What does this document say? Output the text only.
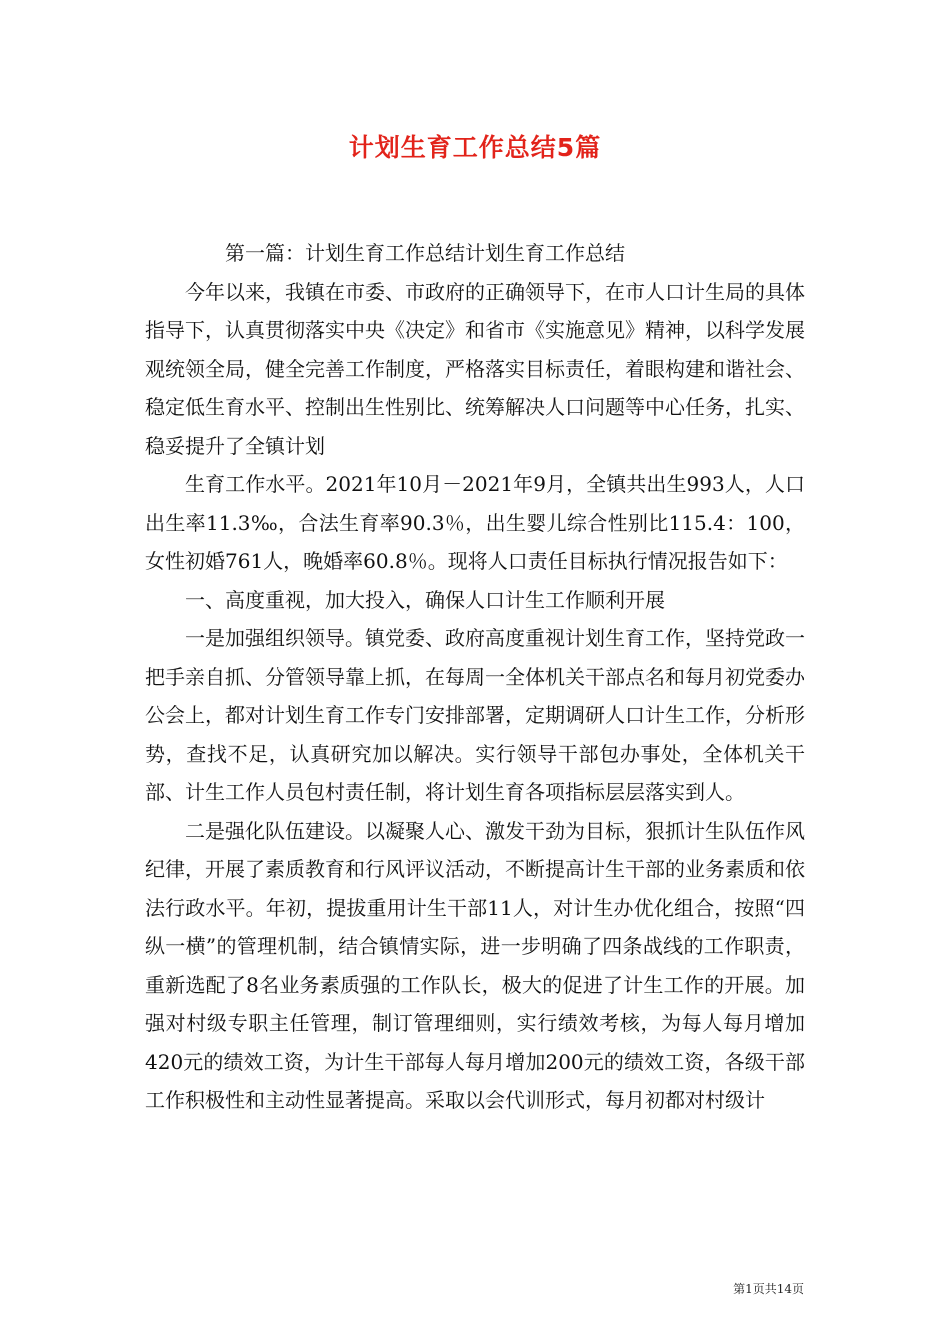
计划生育工作总结5篇

第一篇：计划生育工作总结计划生育工作总结

今年以来，我镇在市委、市政府的正确领导下，在市人口计生局的具体指导下，认真贯彻落实中央《决定》和省市《实施意见》精神，以科学发展观统领全局，健全完善工作制度，严格落实目标责任，着眼构建和谐社会、稳定低生育水平、控制出生性别比、统筹解决人口问题等中心任务，扎实、稳妥提升了全镇计划

生育工作水平。2021年10月－2021年9月，全镇共出生993人，人口出生率11.3‰，合法生育率90.3％，出生婴儿综合性别比115.4：100，女性初婚761人，晚婚率60.8％。现将人口责任目标执行情况报告如下：

一、高度重视，加大投入，确保人口计生工作顺利开展

一是加强组织领导。镇党委、政府高度重视计划生育工作，坚持党政一把手亲自抓、分管领导靠上抓，在每周一全体机关干部点名和每月初党委办公会上，都对计划生育工作专门安排部署，定期调研人口计生工作，分析形势，查找不足，认真研究加以解决。实行领导干部包办事处，全体机关干部、计生工作人员包村责任制，将计划生育各项指标层层落实到人。

二是强化队伍建设。以凝聚人心、激发干劲为目标，狠抓计生队伍作风纪律，开展了素质教育和行风评议活动，不断提高计生干部的业务素质和依法行政水平。年初，提拔重用计生干部11人，对计生办优化组合，按照“四纵一横”的管理机制，结合镇情实际，进一步明确了四条战线的工作职责，重新选配了8名业务素质强的工作队长，极大的促进了计生工作的开展。加强对村级专职主任管理，制订管理细则，实行绩效考核，为每人每月增加420元的绩效工资，为计生干部每人每月增加200元的绩效工资，各级干部工作积极性和主动性显著提高。采取以会代训形式，每月初都对村级计

第1页共14页
